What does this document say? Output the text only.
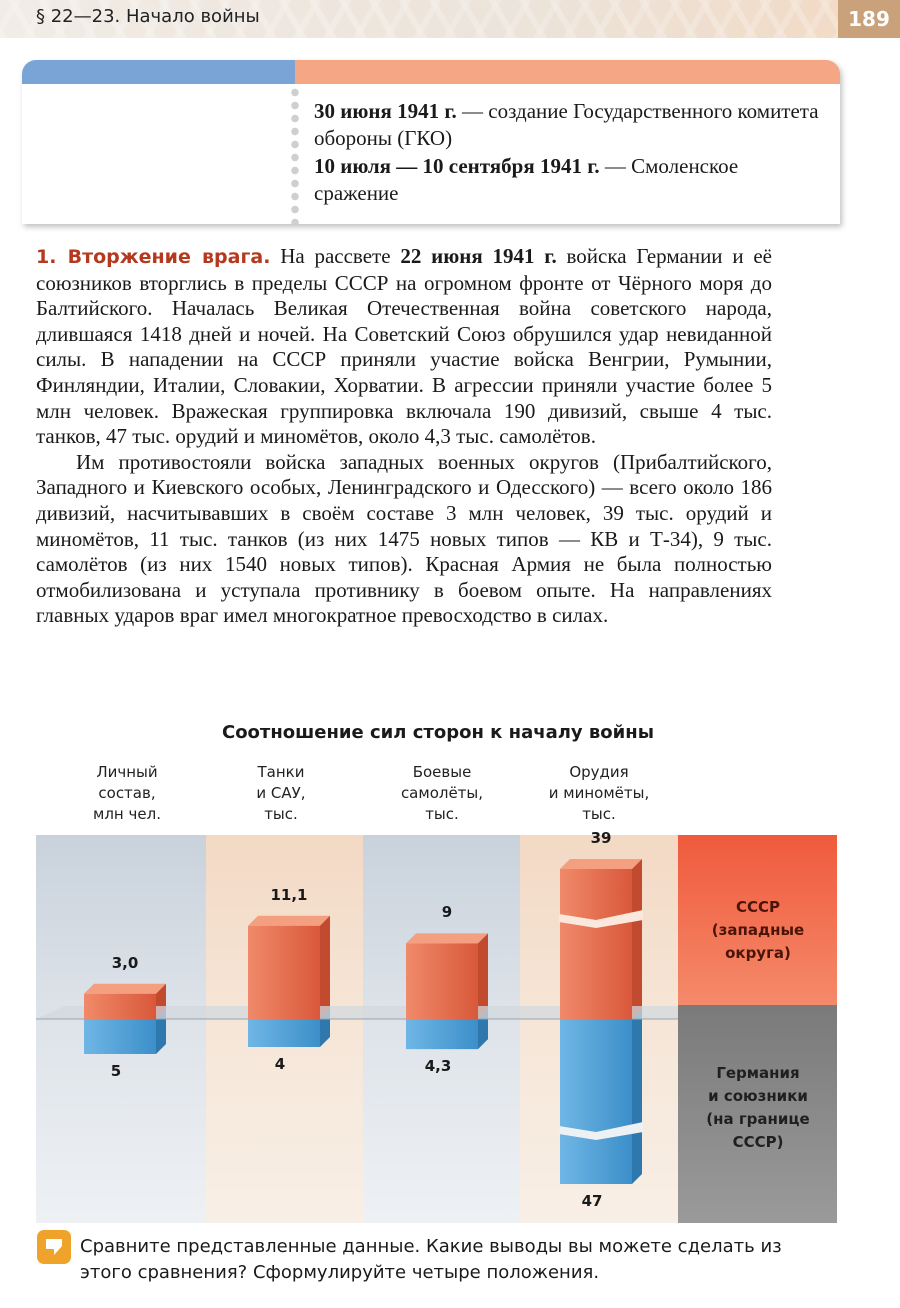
§ 22—23. Начало войны	189
30 июня 1941 г. — создание Государственного комитета обороны (ГКО)
10 июля — 10 сентября 1941 г. — Смоленское сражение

1. Вторжение врага. На рассвете 22 июня 1941 г. войска Германии и её союзников вторглись в пределы СССР на огромном фронте от Чёрного моря до Балтийского. Началась Великая Отечественная война советского народа, длившаяся 1418 дней и ночей. На Советский Союз обрушился удар невиданной силы. В нападении на СССР приняли участие войска Венгрии, Румынии, Финляндии, Италии, Словакии, Хорватии. В агрессии приняли участие более 5 млн человек. Вражеская группировка включала 190 дивизий, свыше 4 тыс. танков, 47 тыс. орудий и миномётов, около 4,3 тыс. самолётов.

Им противостояли войска западных военных округов (Прибалтийского, Западного и Киевского особых, Ленинградского и Одесского) — всего около 186 дивизий, насчитывавших в своём составе 3 млн человек, 39 тыс. орудий и миномётов, 11 тыс. танков (из них 1475 новых типов — КВ и Т-34), 9 тыс. самолётов (из них 1540 новых типов). Красная Армия не была полностью отмобилизована и уступала противнику в боевом опыте. На направлениях главных ударов враг имел многократное превосходство в силах.

Соотношение сил сторон к началу войны
Личный
состав,
млн чел.
Танки
и САУ,
тыс.
Боевые
самолёты,
тыс.
Орудия
и миномёты,
тыс.
СССР
(западные
округа)
Германия
и союзники
(на границе
СССР)
3,0
5
11,1
4
9
4,3
39
47
Сравните представленные данные. Какие выводы вы можете сделать из этого сравнения? Сформулируйте четыре положения.
